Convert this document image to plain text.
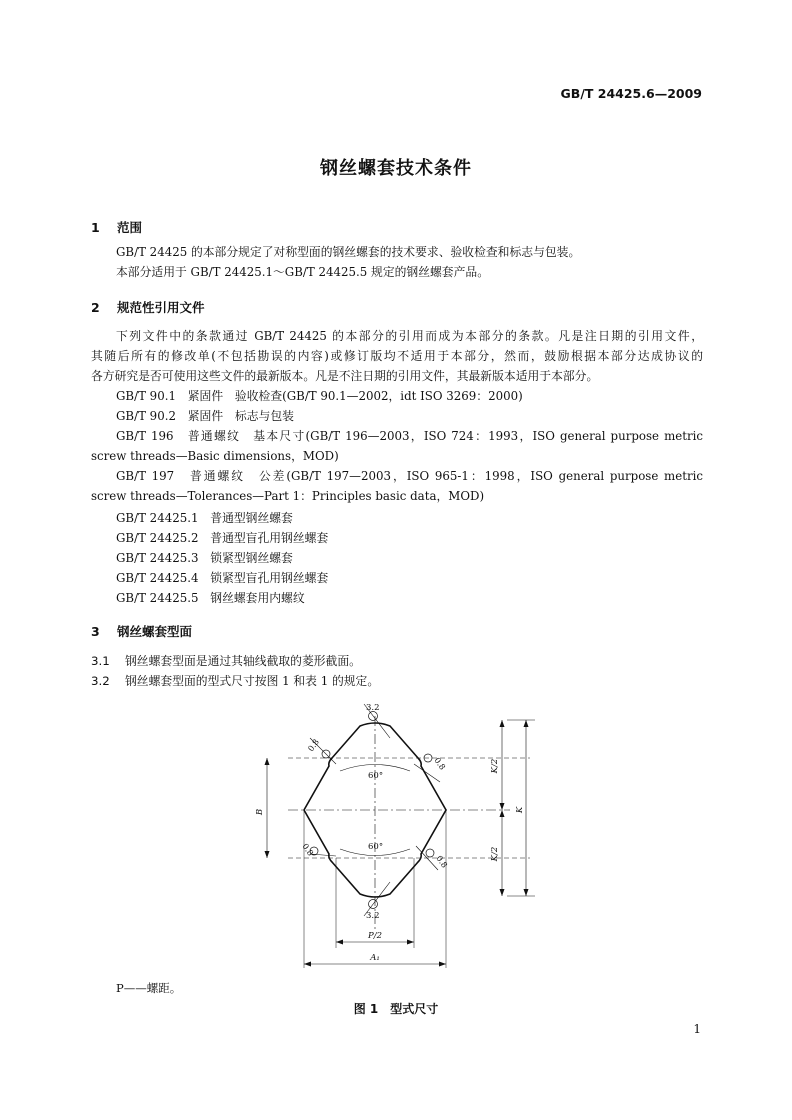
GB/T 24425.6—2009
钢丝螺套技术条件
1 范围
GB/T 24425 的本部分规定了对称型面的钢丝螺套的技术要求、验收检查和标志与包装。
本部分适用于 GB/T 24425.1～GB/T 24425.5 规定的钢丝螺套产品。
2 规范性引用文件
下列文件中的条款通过 GB/T 24425 的本部分的引用而成为本部分的条款。凡是注日期的引用文件，
其随后所有的修改单(不包括勘误的内容)或修订版均不适用于本部分，然而，鼓励根据本部分达成协议的
各方研究是否可使用这些文件的最新版本。凡是不注日期的引用文件，其最新版本适用于本部分。
GB/T 90.1　紧固件　验收检查(GB/T 90.1—2002，idt ISO 3269：2000)
GB/T 90.2　紧固件　标志与包装
GB/T 196　普通螺纹　基本尺寸(GB/T 196—2003，ISO 724：1993，ISO general purpose metric
screw threads—Basic dimensions，MOD)
GB/T 197　普通螺纹　公差(GB/T 197—2003，ISO 965-1：1998，ISO general purpose metric
screw threads—Tolerances—Part 1：Principles basic data，MOD)
GB/T 24425.1　普通型钢丝螺套
GB/T 24425.2　普通型盲孔用钢丝螺套
GB/T 24425.3　锁紧型钢丝螺套
GB/T 24425.4　锁紧型盲孔用钢丝螺套
GB/T 24425.5　钢丝螺套用内螺纹
3 钢丝螺套型面
3.1 钢丝螺套型面是通过其轴线截取的菱形截面。
3.2 钢丝螺套型面的型式尺寸按图 1 和表 1 的规定。
3.2
3.2
0.8
0.8
0.8
0.8
60°
60°
B
K/2
K/2
K
P/2
A₁
P——螺距。
图 1　型式尺寸
1
